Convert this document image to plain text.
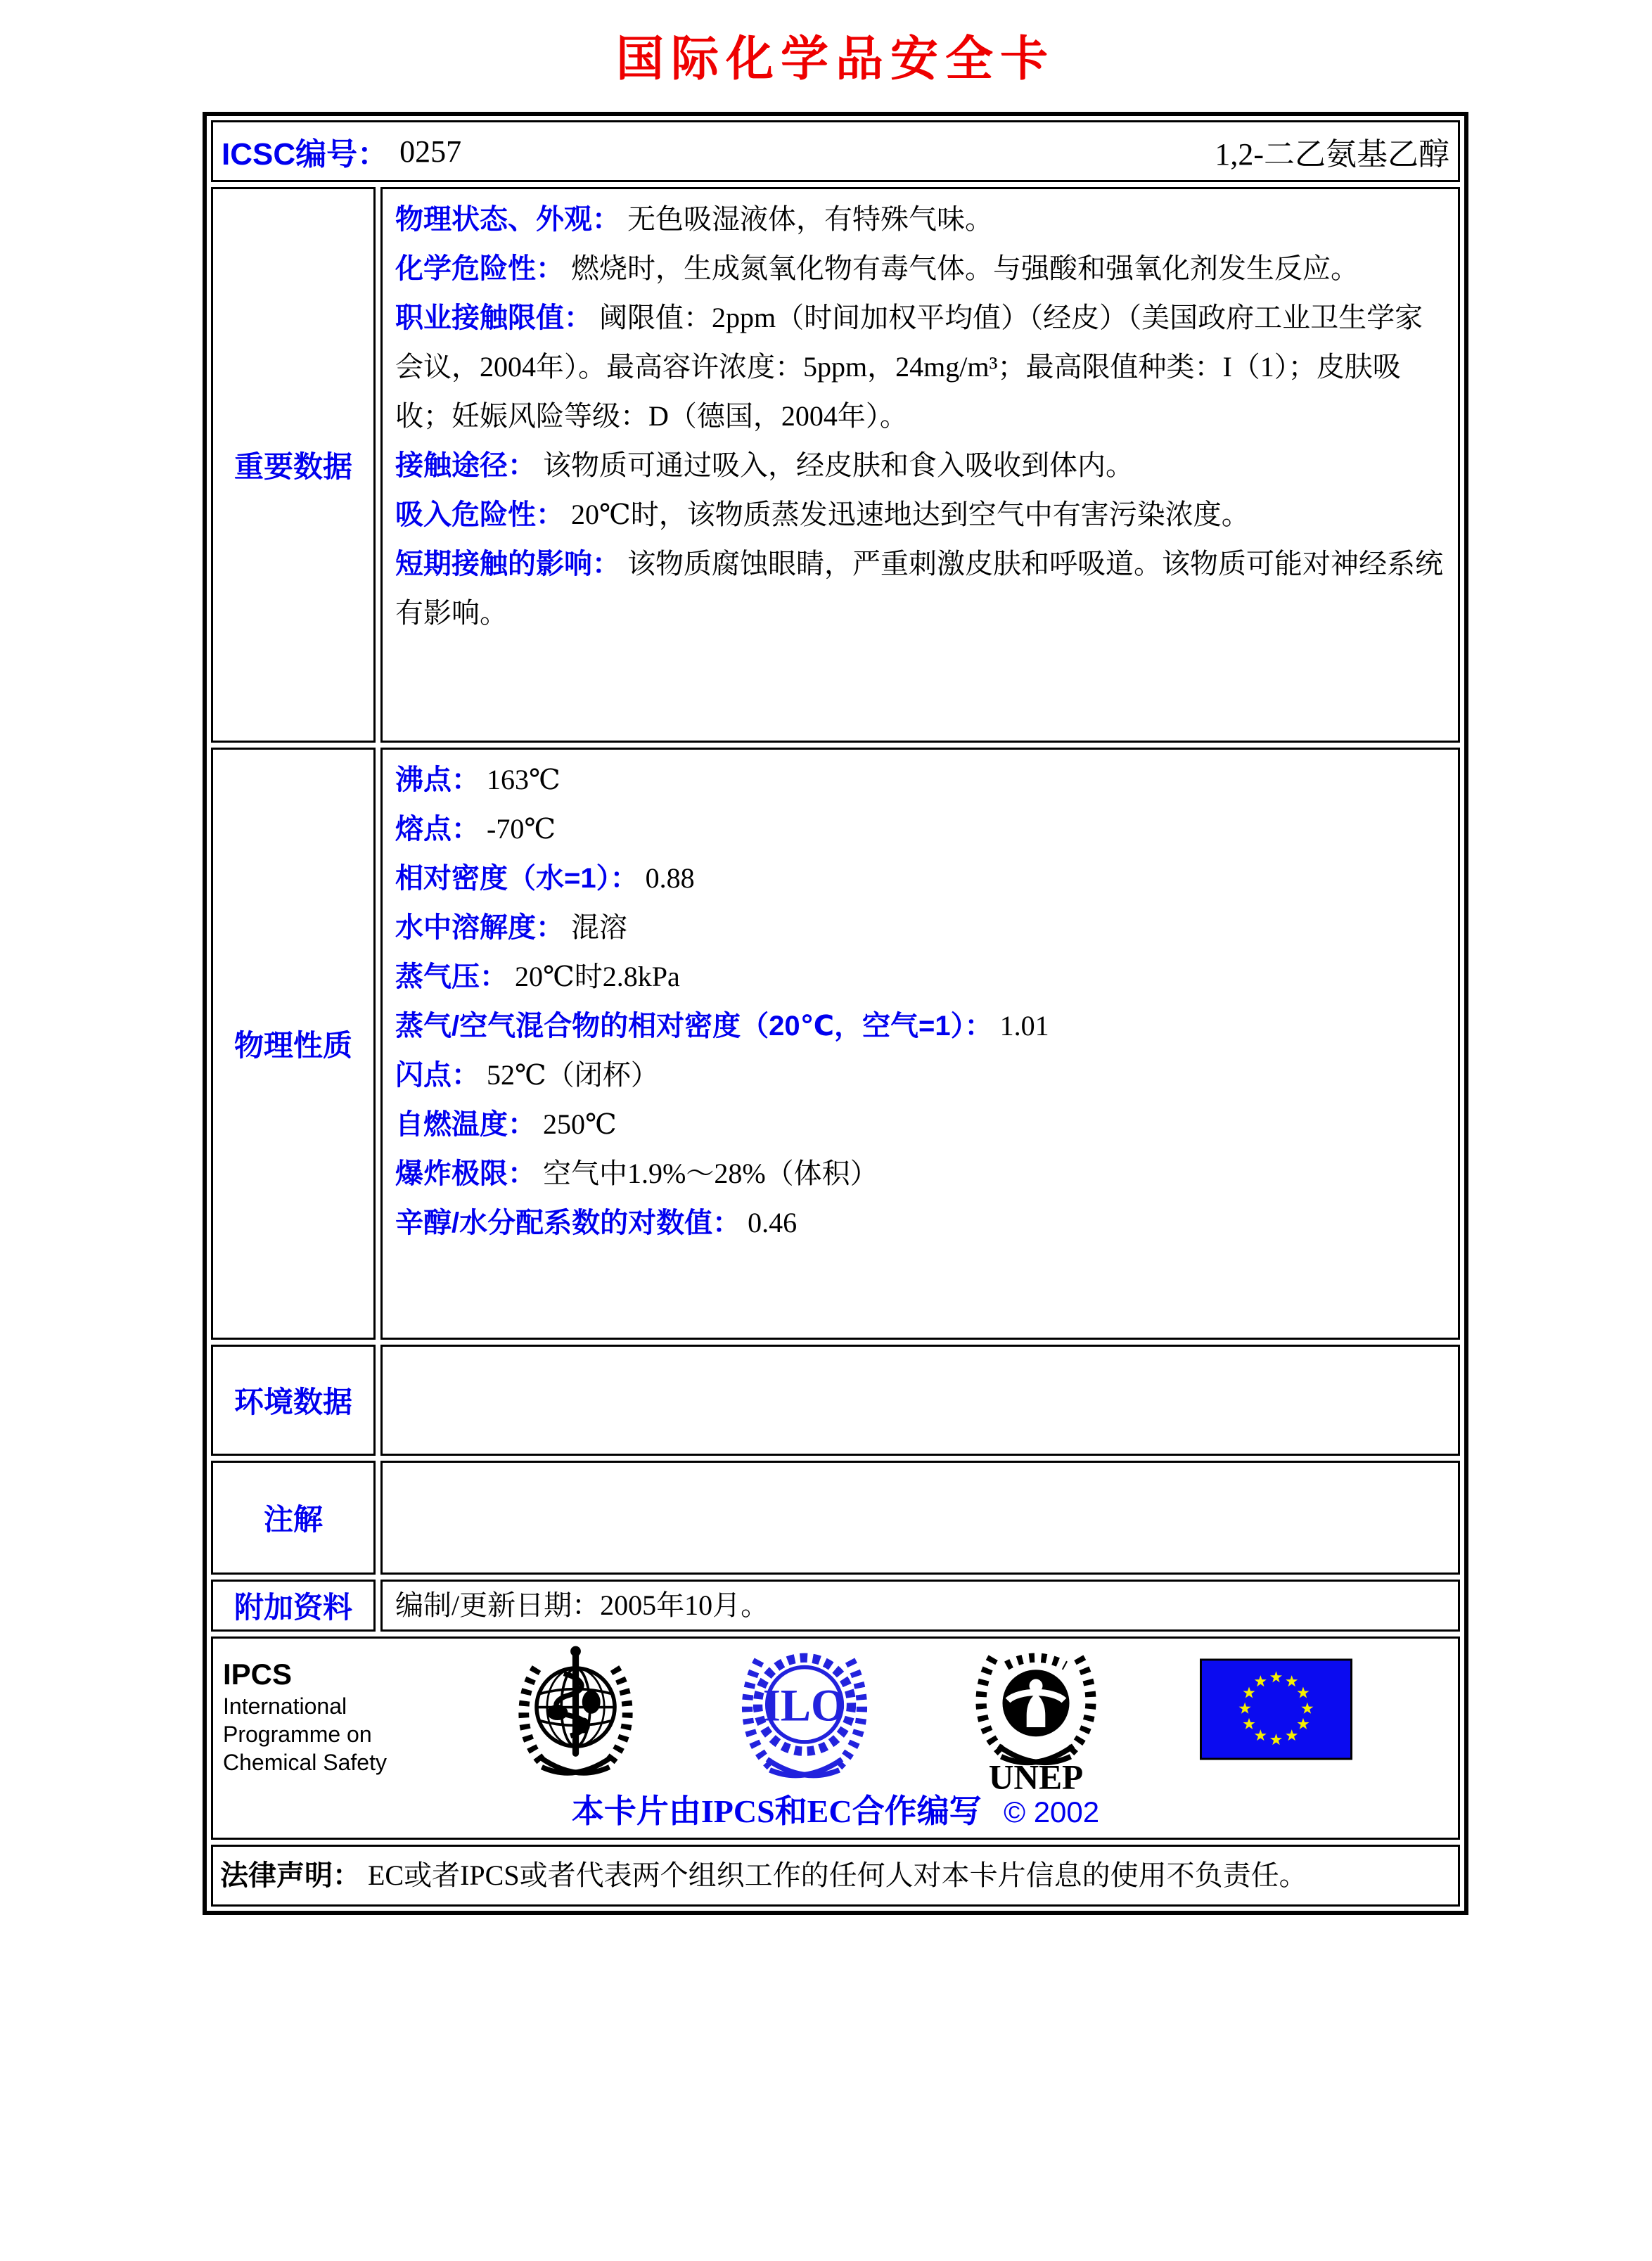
国际化学品安全卡
ICSC编号： 0257	1,2-二乙氨基乙醇
重要数据
物理状态、外观： 无色吸湿液体，有特殊气味。
化学危险性： 燃烧时，生成氮氧化物有毒气体。与强酸和强氧化剂发生反应。
职业接触限值： 阈限值：2ppm（时间加权平均值）（经皮）（美国政府工业卫生学家会议，2004年）。最高容许浓度：5ppm，24mg/m³；最高限值种类：I（1）；皮肤吸收；妊娠风险等级：D（德国，2004年）。
接触途径： 该物质可通过吸入，经皮肤和食入吸收到体内。
吸入危险性： 20℃时，该物质蒸发迅速地达到空气中有害污染浓度。
短期接触的影响： 该物质腐蚀眼睛，严重刺激皮肤和呼吸道。该物质可能对神经系统有影响。
物理性质
沸点： 163℃
熔点： -70℃
相对密度（水=1）： 0.88
水中溶解度： 混溶
蒸气压： 20℃时2.8kPa
蒸气/空气混合物的相对密度（20℃，空气=1）： 1.01
闪点： 52℃（闭杯）
自燃温度： 250℃
爆炸极限： 空气中1.9%～28%（体积）
辛醇/水分配系数的对数值： 0.46
环境数据
注解
附加资料	编制/更新日期：2005年10月。
IPCS
International
Programme on
Chemical Safety
ILO
UNEP
本卡片由IPCS和EC合作编写 © 2002
法律声明： EC或者IPCS或者代表两个组织工作的任何人对本卡片信息的使用不负责任。
